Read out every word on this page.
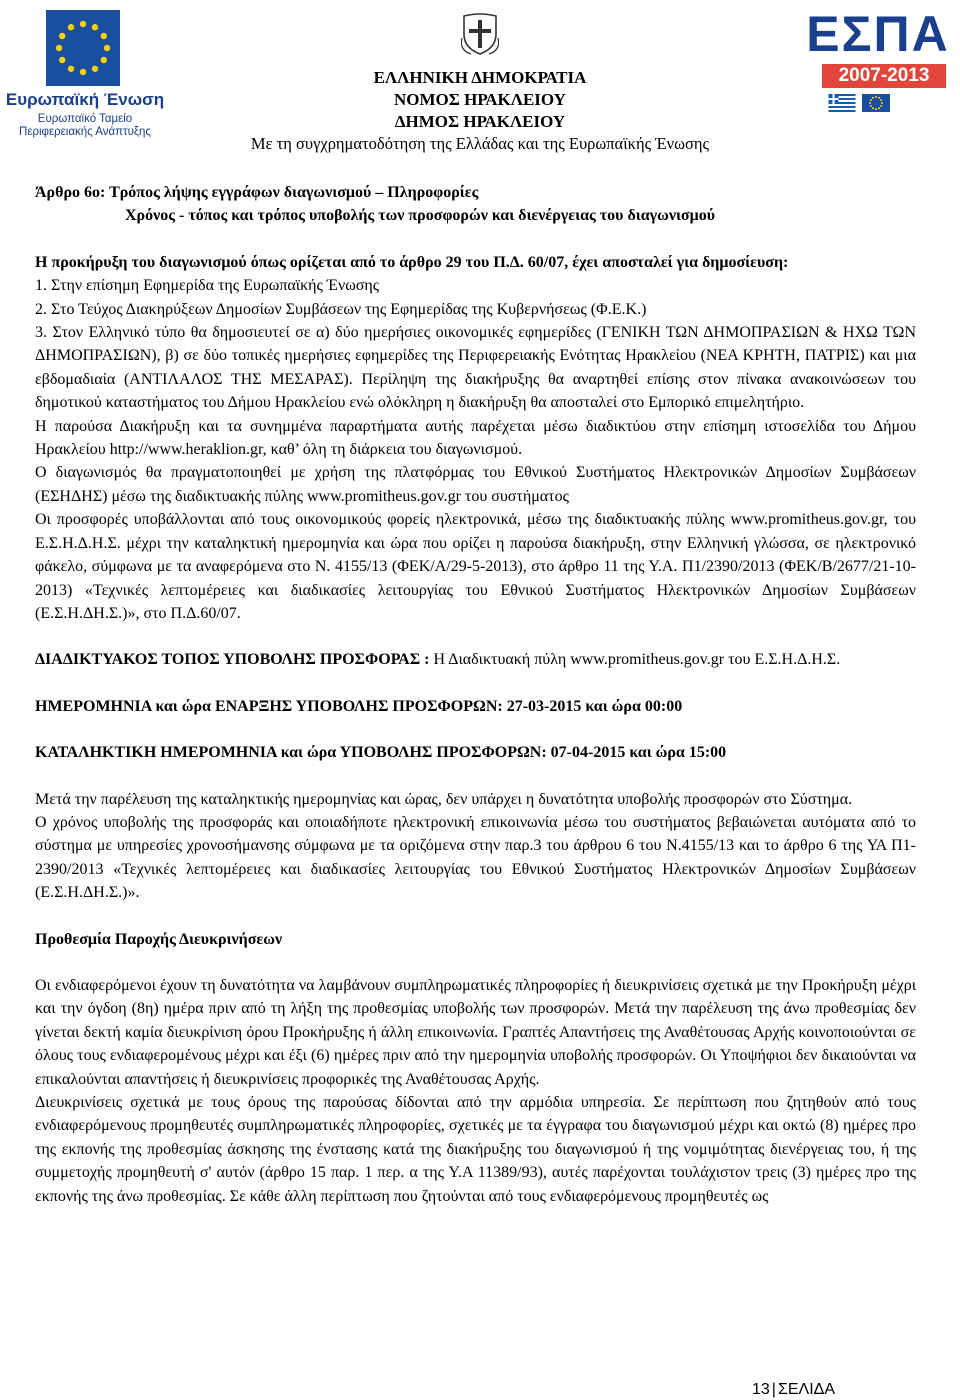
Ευρωπαϊκή Ένωση
Ευρωπαϊκό Ταμείο
Περιφερειακής Ανάπτυξης
ΕΛΛΗΝΙΚΗ ΔΗΜΟΚΡΑΤΙΑ
ΝΟΜΟΣ ΗΡΑΚΛΕΙΟΥ
ΔΗΜΟΣ ΗΡΑΚΛΕΙΟΥ
Με τη συγχρηματοδότηση της Ελλάδας και της Ευρωπαϊκής Ένωσης
ΕΣΠΑ
2007-2013

Άρθρο 6ο: Τρόπος λήψης εγγράφων διαγωνισμού – Πληροφορίες

Χρόνος - τόπος και τρόπος υποβολής των προσφορών και διενέργειας του διαγωνισμού

Η προκήρυξη του διαγωνισμού όπως ορίζεται από το άρθρο 29 του Π.Δ. 60/07, έχει αποσταλεί για δημοσίευση:

1. Στην επίσημη Εφημερίδα της Ευρωπαϊκής Ένωσης

2. Στο Τεύχος Διακηρύξεων Δημοσίων Συμβάσεων της Εφημερίδας της Κυβερνήσεως (Φ.Ε.Κ.)

3. Στον Ελληνικό τύπο θα δημοσιευτεί σε α) δύο ημερήσιες οικονομικές εφημερίδες (ΓΕΝΙΚΗ ΤΩΝ ΔΗΜΟΠΡΑΣΙΩΝ & ΗΧΩ ΤΩΝ ΔΗΜΟΠΡΑΣΙΩΝ), β) σε δύο τοπικές ημερήσιες εφημερίδες της Περιφερειακής Ενότητας Ηρακλείου (ΝΕΑ ΚΡΗΤΗ, ΠΑΤΡΙΣ) και μια εβδομαδιαία (ΑΝΤΙΛΑΛΟΣ ΤΗΣ ΜΕΣΑΡΑΣ). Περίληψη της διακήρυξης θα αναρτηθεί επίσης στον πίνακα ανακοινώσεων του δημοτικού καταστήματος του Δήμου Ηρακλείου ενώ ολόκληρη η διακήρυξη θα αποσταλεί στο Εμπορικό επιμελητήριο.

Η παρούσα Διακήρυξη και τα συνημμένα παραρτήματα αυτής παρέχεται μέσω διαδικτύου στην επίσημη ιστοσελίδα του Δήμου Ηρακλείου http://www.heraklion.gr, καθ’ όλη τη διάρκεια του διαγωνισμού.

Ο διαγωνισμός θα πραγματοποιηθεί με χρήση της πλατφόρμας του Εθνικού Συστήματος Ηλεκτρονικών Δημοσίων Συμβάσεων (ΕΣΗΔΗΣ) μέσω της διαδικτυακής πύλης www.promitheus.gov.gr του συστήματος

Οι προσφορές υποβάλλονται από τους οικονομικούς φορείς ηλεκτρονικά, μέσω της διαδικτυακής πύλης www.promitheus.gov.gr, του Ε.Σ.Η.Δ.Η.Σ. μέχρι την καταληκτική ημερομηνία και ώρα που ορίζει η παρούσα διακήρυξη, στην Ελληνική γλώσσα, σε ηλεκτρονικό φάκελο, σύμφωνα με τα αναφερόμενα στο Ν. 4155/13 (ΦΕΚ/Α/29-5-2013), στο άρθρο 11 της Υ.Α. Π1/2390/2013 (ΦΕΚ/Β/2677/21-10-2013) «Τεχνικές λεπτομέρειες και διαδικασίες λειτουργίας του Εθνικού Συστήματος Ηλεκτρονικών Δημοσίων Συμβάσεων (Ε.Σ.Η.ΔΗ.Σ.)», στο Π.Δ.60/07.

ΔΙΑΔΙΚΤΥΑΚΟΣ ΤΟΠΟΣ ΥΠΟΒΟΛΗΣ ΠΡΟΣΦΟΡΑΣ : Η Διαδικτυακή πύλη www.promitheus.gov.gr του Ε.Σ.Η.Δ.Η.Σ.

ΗΜΕΡΟΜΗΝΙΑ και ώρα ΕΝΑΡΞΗΣ ΥΠΟΒΟΛΗΣ ΠΡΟΣΦΟΡΩΝ: 27-03-2015 και ώρα 00:00

ΚΑΤΑΛΗΚΤΙΚΗ ΗΜΕΡΟΜΗΝΙΑ και ώρα ΥΠΟΒΟΛΗΣ ΠΡΟΣΦΟΡΩΝ: 07-04-2015 και ώρα 15:00

Μετά την παρέλευση της καταληκτικής ημερομηνίας και ώρας, δεν υπάρχει η δυνατότητα υποβολής προσφορών στο Σύστημα.

Ο χρόνος υποβολής της προσφοράς και οποιαδήποτε ηλεκτρονική επικοινωνία μέσω του συστήματος βεβαιώνεται αυτόματα από το σύστημα με υπηρεσίες χρονοσήμανσης σύμφωνα με τα οριζόμενα στην παρ.3 του άρθρου 6 του Ν.4155/13 και το άρθρο 6 της ΥΑ Π1-2390/2013 «Τεχνικές λεπτομέρειες και διαδικασίες λειτουργίας του Εθνικού Συστήματος Ηλεκτρονικών Δημοσίων Συμβάσεων (Ε.Σ.Η.ΔΗ.Σ.)».

Προθεσμία Παροχής Διευκρινήσεων

Οι ενδιαφερόμενοι έχουν τη δυνατότητα να λαμβάνουν συμπληρωματικές πληροφορίες ή διευκρινίσεις σχετικά με την Προκήρυξη μέχρι και την όγδοη (8η) ημέρα πριν από τη λήξη της προθεσμίας υποβολής των προσφορών. Μετά την παρέλευση της άνω προθεσμίας δεν γίνεται δεκτή καμία διευκρίνιση όρου Προκήρυξης ή άλλη επικοινωνία. Γραπτές Απαντήσεις της Αναθέτουσας Αρχής κοινοποιούνται σε όλους τους ενδιαφερομένους μέχρι και έξι (6) ημέρες πριν από την ημερομηνία υποβολής προσφορών. Οι Υποψήφιοι δεν δικαιούνται να επικαλούνται απαντήσεις ή διευκρινίσεις προφορικές της Αναθέτουσας Αρχής.

Διευκρινίσεις σχετικά με τους όρους της παρούσας δίδονται από την αρμόδια υπηρεσία. Σε περίπτωση που ζητηθούν από τους ενδιαφερόμενους προμηθευτές συμπληρωματικές πληροφορίες, σχετικές με τα έγγραφα του διαγωνισμού μέχρι και οκτώ (8) ημέρες προ της εκπονής της προθεσμίας άσκησης της ένστασης κατά της διακήρυξης του διαγωνισμού ή της νομιμότητας διενέργειας του, ή της συμμετοχής προμηθευτή σ' αυτόν (άρθρο 15 παρ. 1 περ. α της Υ.Α 11389/93), αυτές παρέχονται τουλάχιστον τρεις (3) ημέρες προ της εκπονής της άνω προθεσμίας. Σε κάθε άλλη περίπτωση που ζητούνται από τους ενδιαφερόμενους προμηθευτές ως

13 | ΣΕΛΙΔΑ
